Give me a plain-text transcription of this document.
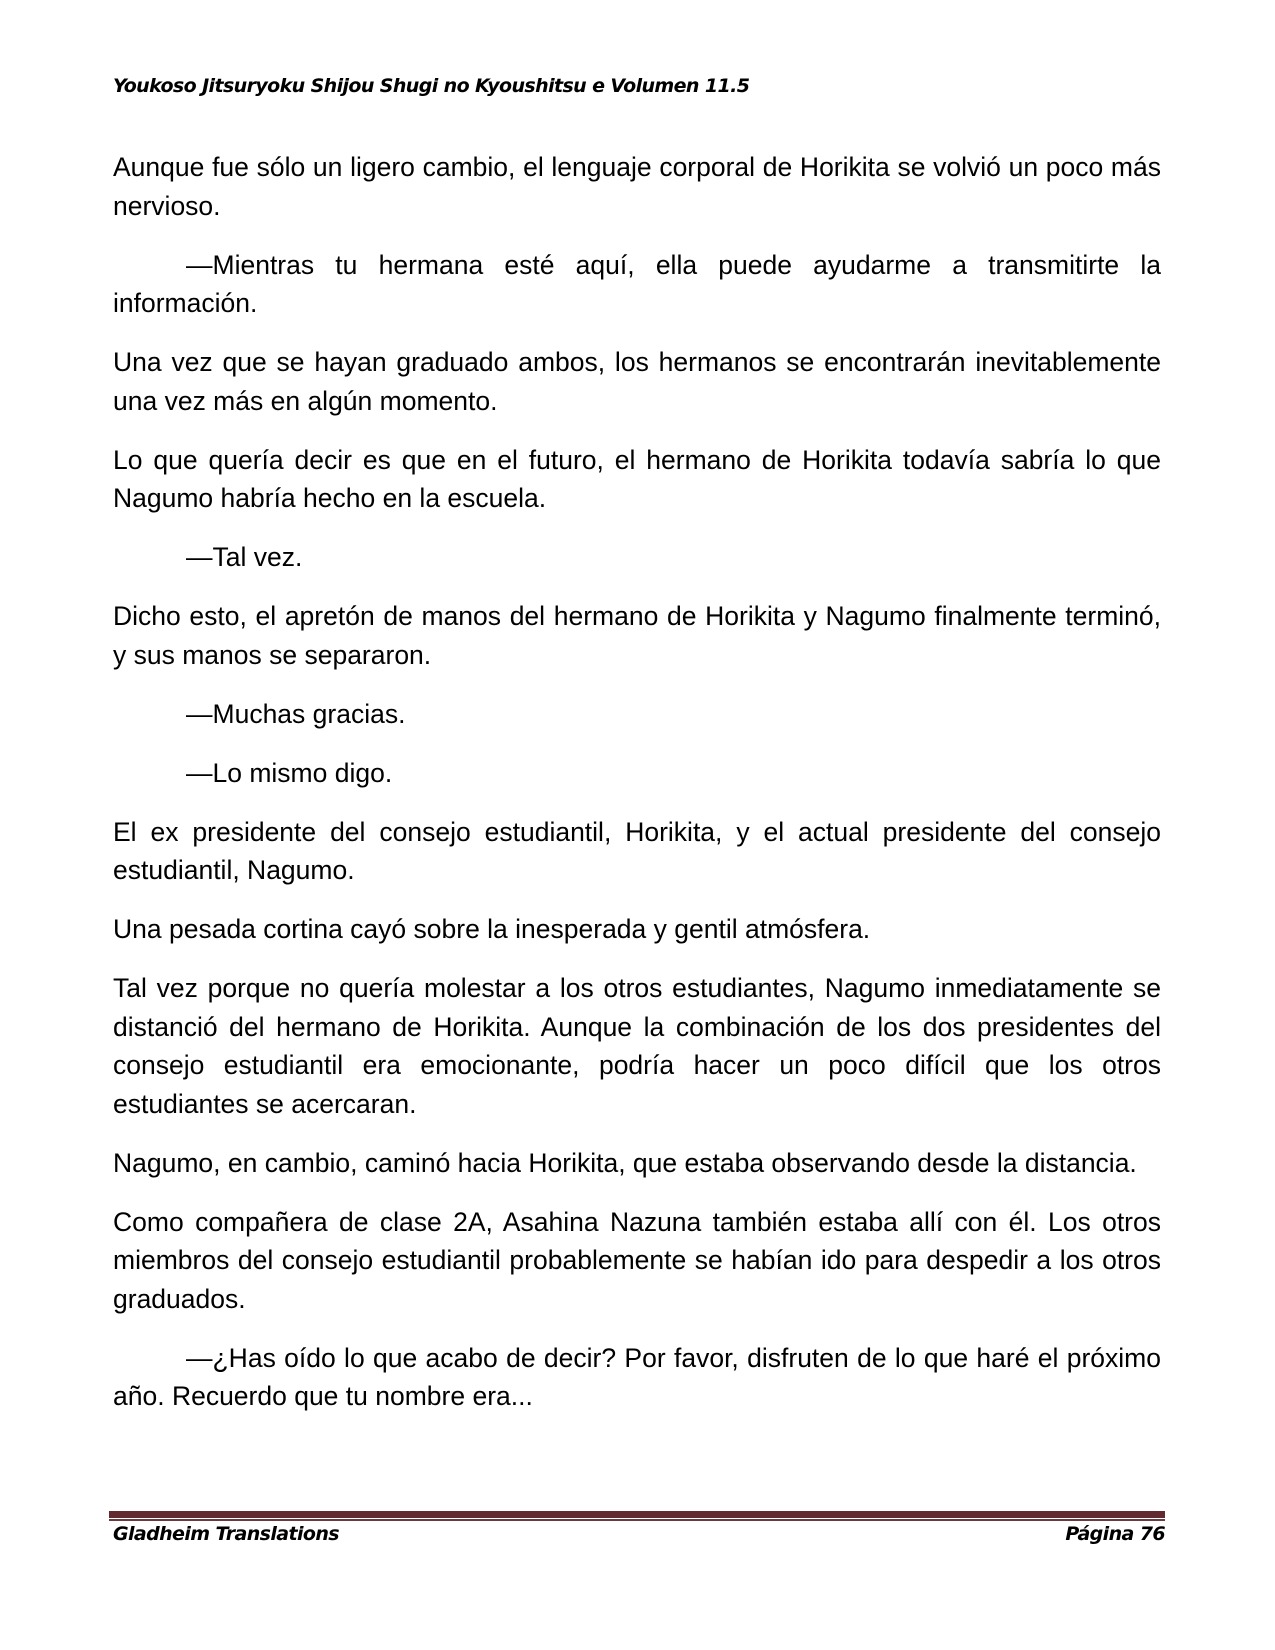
Youkoso Jitsuryoku Shijou Shugi no Kyoushitsu e Volumen 11.5

Aunque fue sólo un ligero cambio, el lenguaje corporal de Horikita se volvió un poco más nervioso.

—Mientras tu hermana esté aquí, ella puede ayudarme a transmitirte la información.

Una vez que se hayan graduado ambos, los hermanos se encontrarán inevitablemente una vez más en algún momento.

Lo que quería decir es que en el futuro, el hermano de Horikita todavía sabría lo que Nagumo habría hecho en la escuela.

—Tal vez.

Dicho esto, el apretón de manos del hermano de Horikita y Nagumo finalmente terminó, y sus manos se separaron.

—Muchas gracias.

—Lo mismo digo.

El ex presidente del consejo estudiantil, Horikita, y el actual presidente del consejo estudiantil, Nagumo.

Una pesada cortina cayó sobre la inesperada y gentil atmósfera.

Tal vez porque no quería molestar a los otros estudiantes, Nagumo inmediatamente se distanció del hermano de Horikita. Aunque la combinación de los dos presidentes del consejo estudiantil era emocionante, podría hacer un poco difícil que los otros estudiantes se acercaran.

Nagumo, en cambio, caminó hacia Horikita, que estaba observando desde la distancia.

Como compañera de clase 2A, Asahina Nazuna también estaba allí con él. Los otros miembros del consejo estudiantil probablemente se habían ido para despedir a los otros graduados.

—¿Has oído lo que acabo de decir? Por favor, disfruten de lo que haré el próximo año. Recuerdo que tu nombre era...

Gladheim Translations	Página 76
